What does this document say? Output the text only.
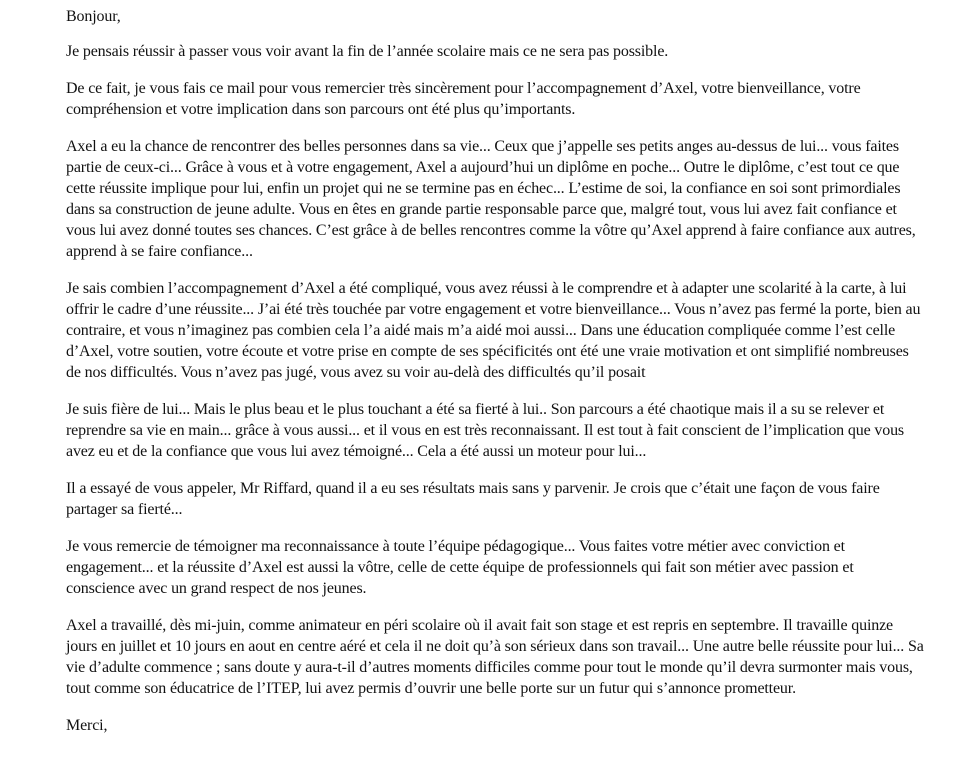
Bonjour,

Je pensais réussir à passer vous voir avant la fin de l’année scolaire mais ce ne sera pas possible.

De ce fait, je vous fais ce mail pour vous remercier très sincèrement pour l’accompagnement d’Axel, votre bienveillance, votre compréhension et votre implication dans son parcours ont été plus qu’importants.

Axel a eu la chance de rencontrer des belles personnes dans sa vie... Ceux que j’appelle ses petits anges au-dessus de lui... vous faites partie de ceux-ci... Grâce à vous et à votre engagement, Axel a aujourd’hui un diplôme en poche... Outre le diplôme, c’est tout ce que cette réussite implique pour lui, enfin un projet qui ne se termine pas en échec... L’estime de soi, la confiance en soi sont primordiales dans sa construction de jeune adulte. Vous en êtes en grande partie responsable parce que, malgré tout, vous lui avez fait confiance et vous lui avez donné toutes ses chances. C’est grâce à de belles rencontres comme la vôtre qu’Axel apprend à faire confiance aux autres, apprend à se faire confiance...

Je sais combien l’accompagnement d’Axel a été compliqué, vous avez réussi à le comprendre et à adapter une scolarité à la carte, à lui offrir le cadre d’une réussite... J’ai été très touchée par votre engagement et votre bienveillance... Vous n’avez pas fermé la porte, bien au contraire, et vous n’imaginez pas combien cela l’a aidé mais m’a aidé moi aussi... Dans une éducation compliquée comme l’est celle d’Axel, votre soutien, votre écoute et votre prise en compte de ses spécificités ont été une vraie motivation et ont simplifié nombreuses de nos difficultés. Vous n’avez pas jugé, vous avez su voir au-delà des difficultés qu’il posait

Je suis fière de lui... Mais le plus beau et le plus touchant a été sa fierté à lui.. Son parcours a été chaotique mais il a su se relever et reprendre sa vie en main... grâce à vous aussi... et il vous en est très reconnaissant. Il est tout à fait conscient de l’implication que vous avez eu et de la confiance que vous lui avez témoigné... Cela a été aussi un moteur pour lui...

Il a essayé de vous appeler, Mr Riffard, quand il a eu ses résultats mais sans y parvenir. Je crois que c’était une façon de vous faire partager sa fierté...

Je vous remercie de témoigner ma reconnaissance à toute l’équipe pédagogique... Vous faites votre métier avec conviction et engagement... et la réussite d’Axel est aussi la vôtre, celle de cette équipe de professionnels qui fait son métier avec passion et conscience avec un grand respect de nos jeunes.

Axel a travaillé, dès mi-juin, comme animateur en péri scolaire où il avait fait son stage et est repris en septembre. Il travaille quinze jours en juillet et 10 jours en aout en centre aéré et cela il ne doit qu’à son sérieux dans son travail... Une autre belle réussite pour lui... Sa vie d’adulte commence ; sans doute y aura-t-il d’autres moments difficiles comme pour tout le monde qu’il devra surmonter mais vous, tout comme son éducatrice de l’ITEP, lui avez permis d’ouvrir une belle porte sur un futur qui s’annonce prometteur.

Merci,
